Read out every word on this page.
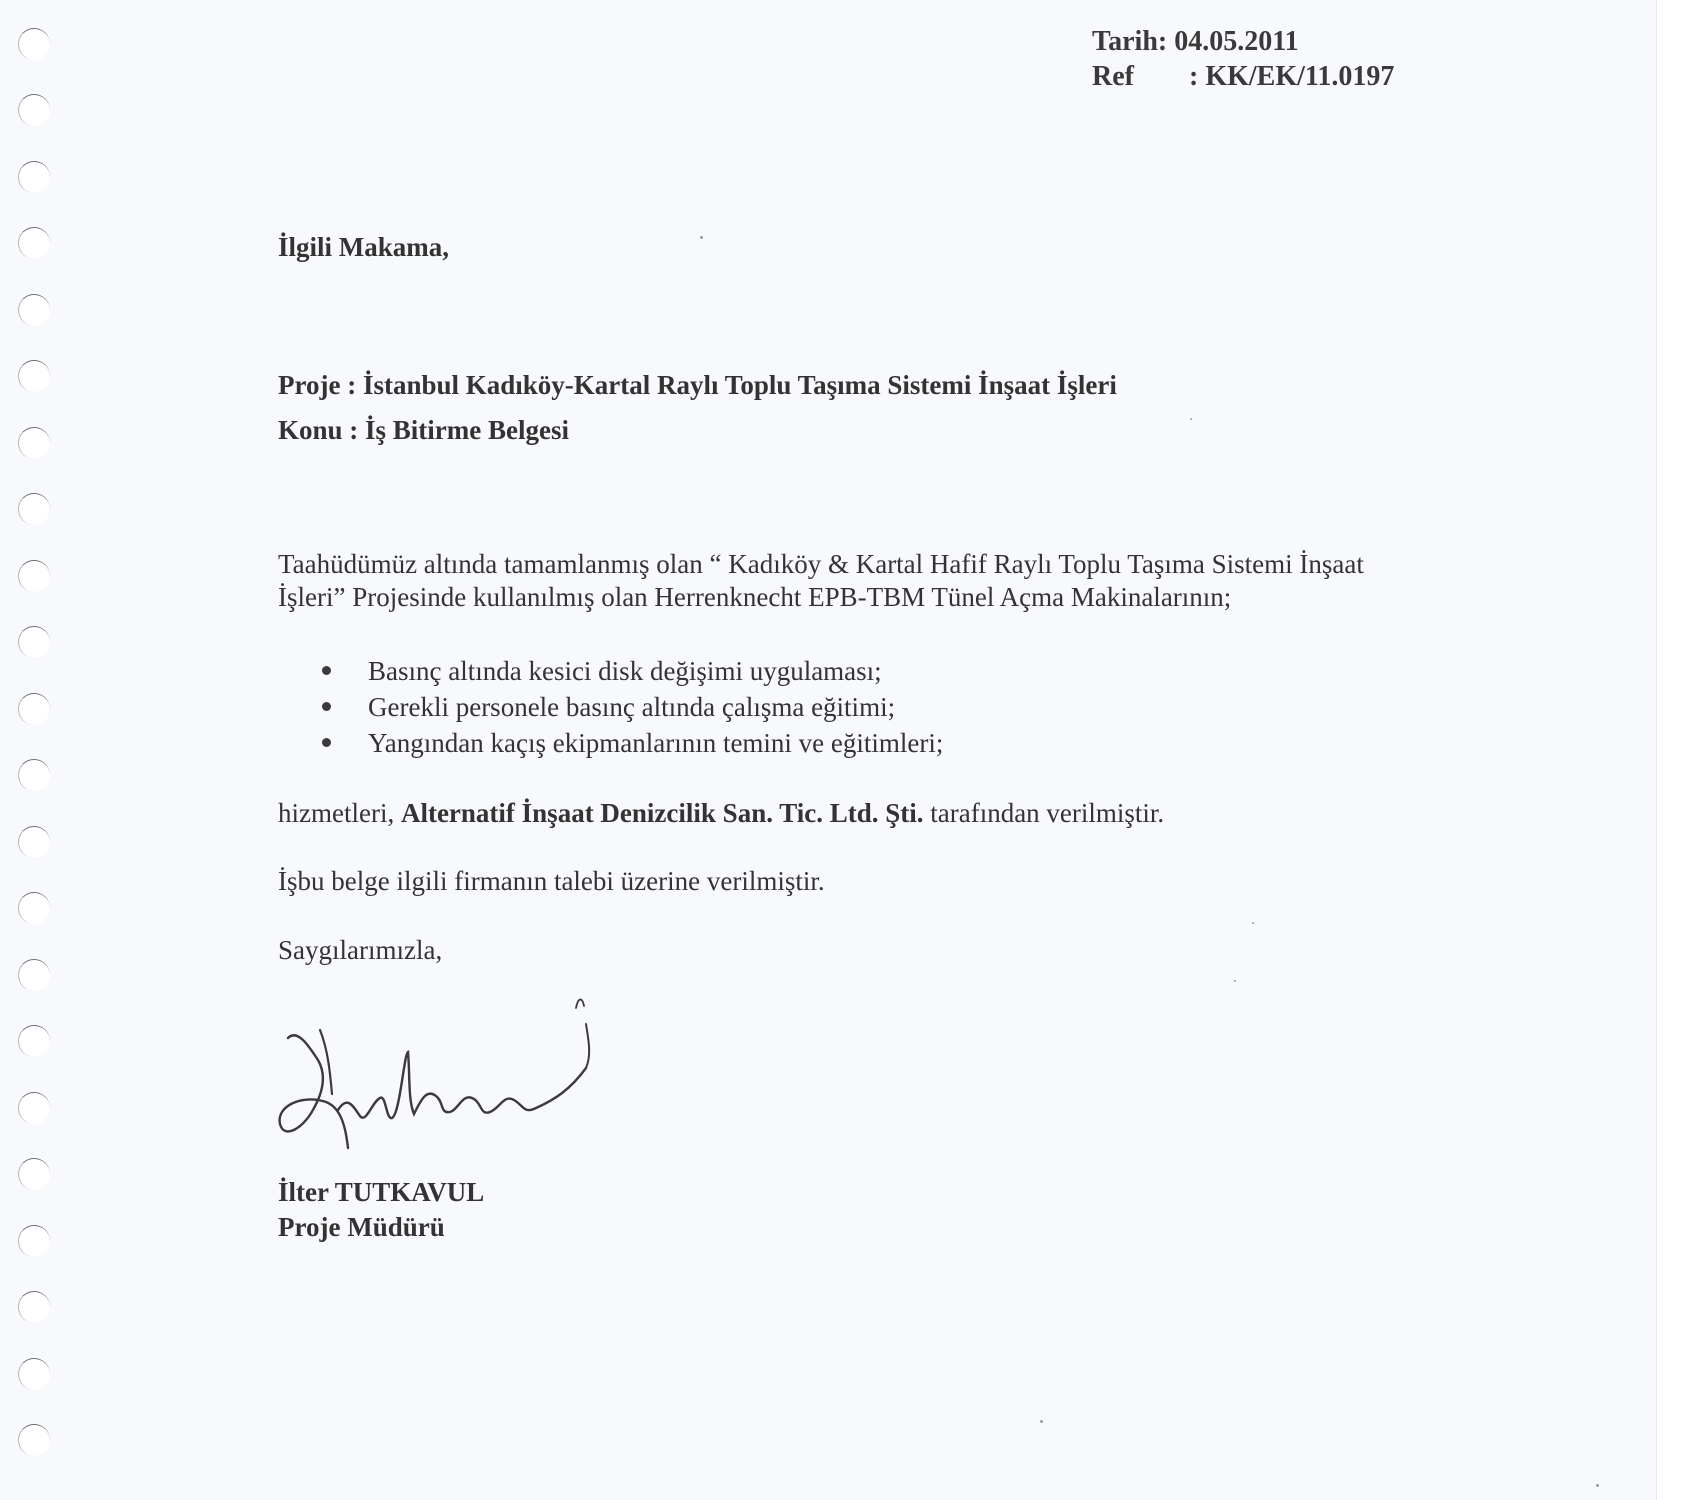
Tarih: 04.05.2011
Ref : KK/EK/11.0197
İlgili Makama,
Proje : İstanbul Kadıköy-Kartal Raylı Toplu Taşıma Sistemi İnşaat İşleri
Konu : İş Bitirme Belgesi
Taahüdümüz altında tamamlanmış olan “ Kadıköy & Kartal Hafif Raylı Toplu Taşıma Sistemi İnşaat
İşleri” Projesinde kullanılmış olan Herrenknecht EPB-TBM Tünel Açma Makinalarının;
Basınç altında kesici disk değişimi uygulaması;
Gerekli personele basınç altında çalışma eğitimi;
Yangından kaçış ekipmanlarının temini ve eğitimleri;
hizmetleri, Alternatif İnşaat Denizcilik San. Tic. Ltd. Şti. tarafından verilmiştir.
İşbu belge ilgili firmanın talebi üzerine verilmiştir.
Saygılarımızla,
İlter TUTKAVUL
Proje Müdürü
